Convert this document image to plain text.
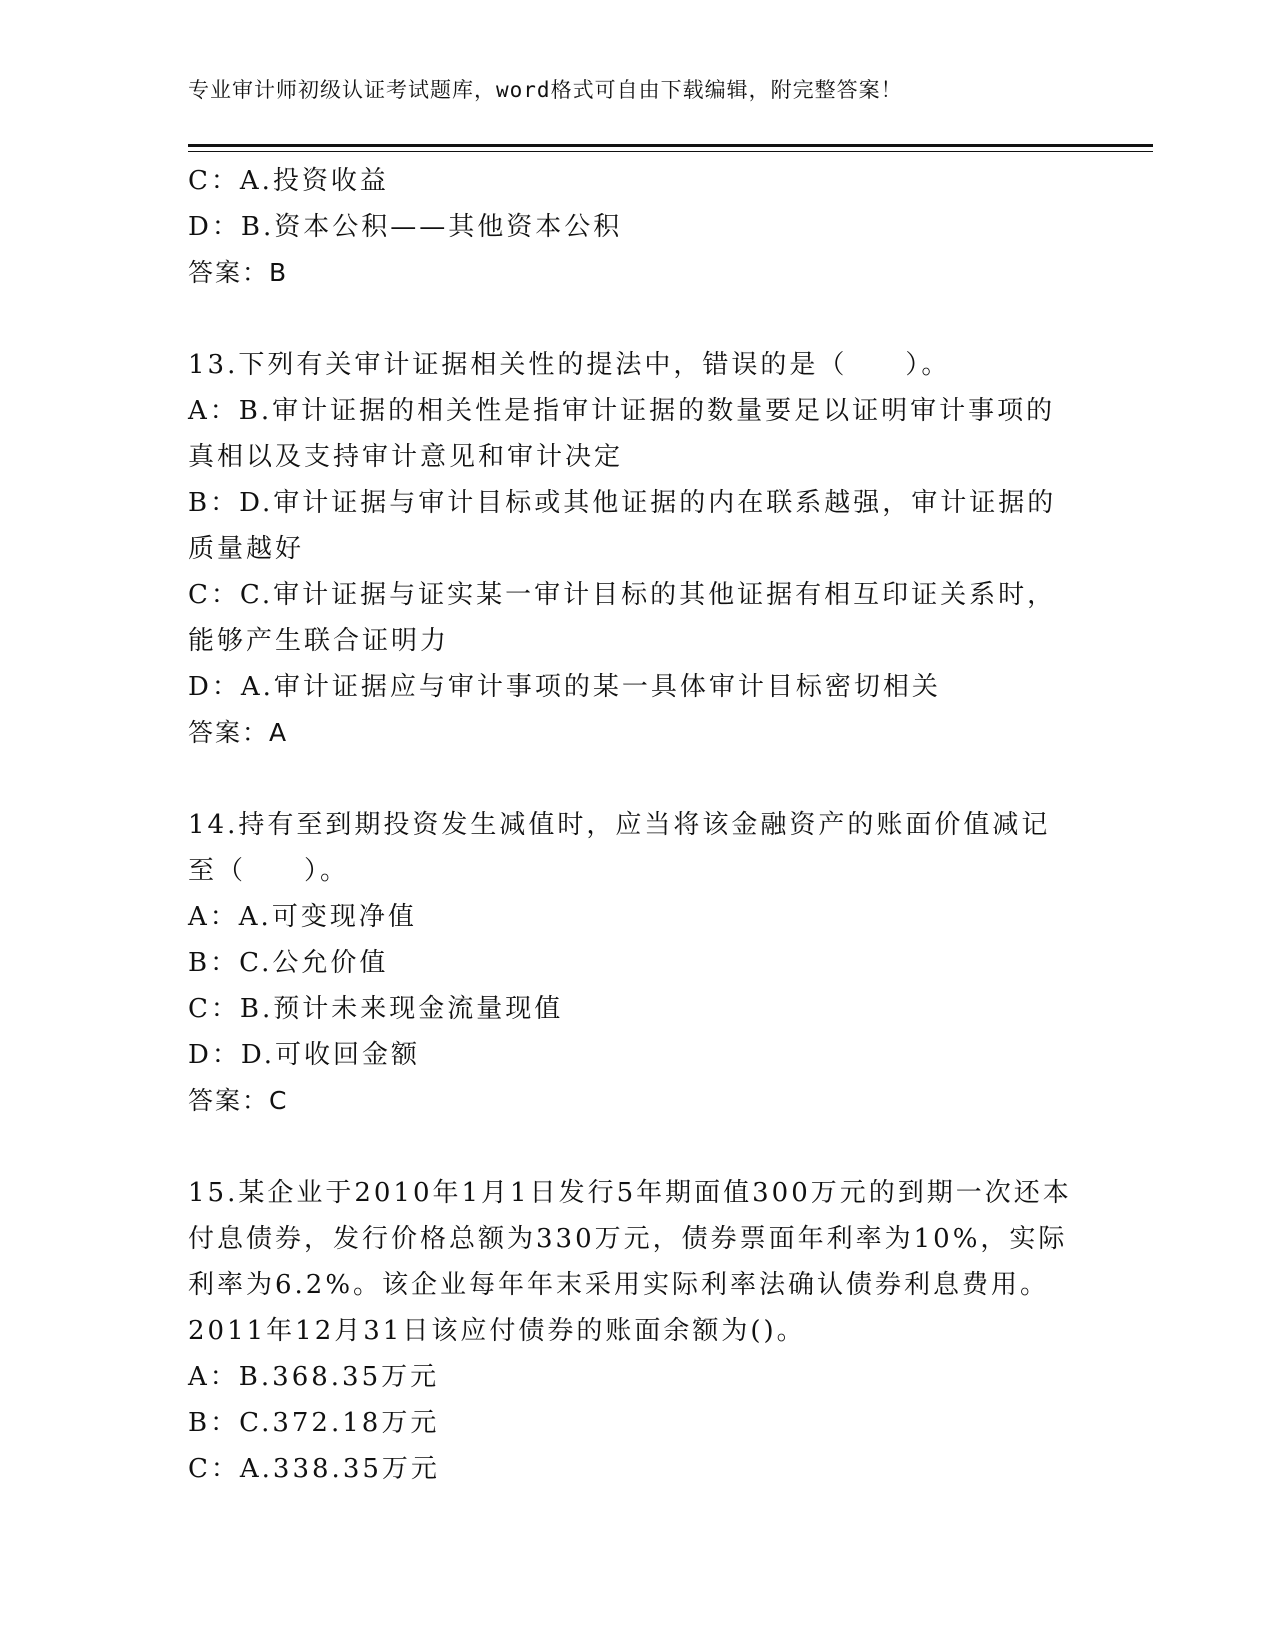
专业审计师初级认证考试题库，word格式可自由下载编辑，附完整答案！

C：A.投资收益

D：B.资本公积——其他资本公积

答案：B

13.下列有关审计证据相关性的提法中，错误的是（　　）。

A：B.审计证据的相关性是指审计证据的数量要足以证明审计事项的真相以及支持审计意见和审计决定

B：D.审计证据与审计目标或其他证据的内在联系越强，审计证据的质量越好

C：C.审计证据与证实某一审计目标的其他证据有相互印证关系时，能够产生联合证明力

D：A.审计证据应与审计事项的某一具体审计目标密切相关

答案：A

14.持有至到期投资发生减值时，应当将该金融资产的账面价值减记至（　　）。

A：A.可变现净值

B：C.公允价值

C：B.预计未来现金流量现值

D：D.可收回金额

答案：C

15.某企业于2010年1月1日发行5年期面值300万元的到期一次还本付息债券，发行价格总额为330万元，债券票面年利率为10%，实际利率为6.2%。该企业每年年末采用实际利率法确认债券利息费用。2011年12月31日该应付债券的账面余额为()。

A：B.368.35万元

B：C.372.18万元

C：A.338.35万元
